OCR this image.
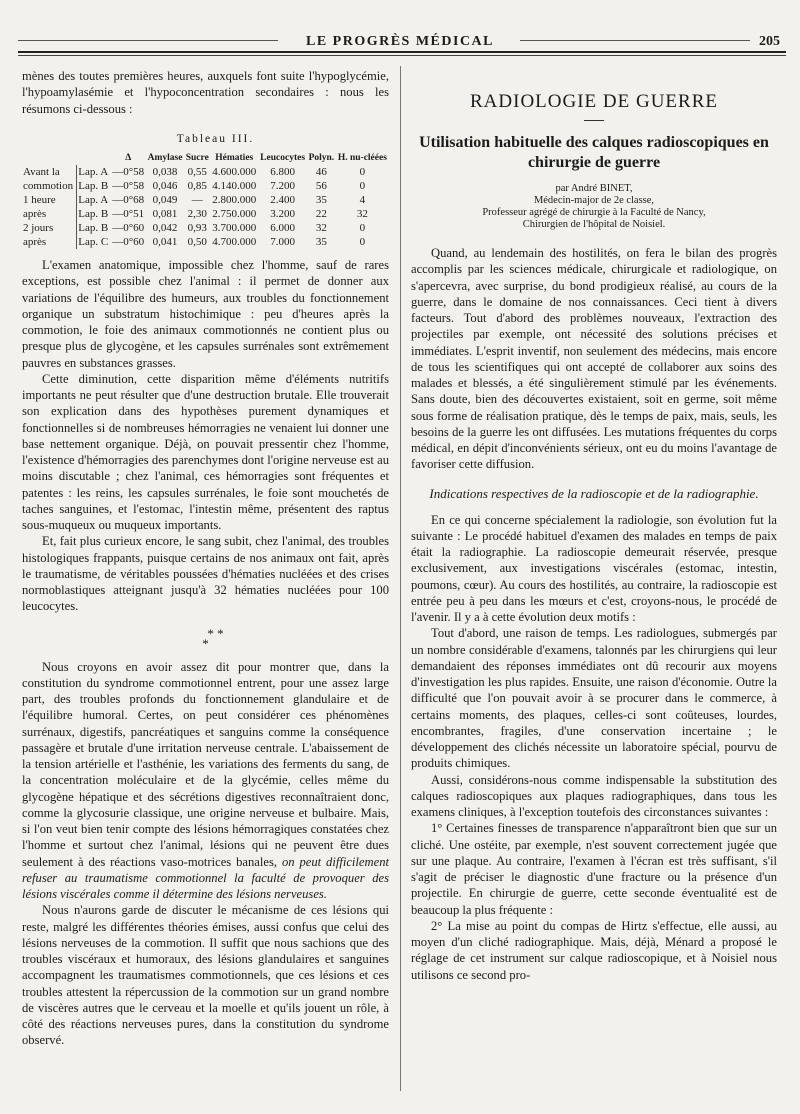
LE PROGRÈS MÉDICAL	205

mènes des toutes premières heures, auxquels font suite l'hypoglycémie, l'hypoamylasémie et l'hypoconcentration secondaires : nous les résumons ci-dessous :

Tableau III.

		Δ	Amylase	Sucre	Hématies	Leucocytes	Polyn.	H. nu-cléées
Avant la	Lap. A	—0°58	0,038	0,55	4.600.000	6.800	46	0
commotion	Lap. B	—0°58	0,046	0,85	4.140.000	7.200	56	0
1 heure	Lap. A	—0°68	0,049	—	2.800.000	2.400	35	4
après	Lap. B	—0°51	0,081	2,30	2.750.000	3.200	22	32
2 jours	Lap. B	—0°60	0,042	0,93	3.700.000	6.000	32	0
après	Lap. C	—0°60	0,041	0,50	4.700.000	7.000	35	0

L'examen anatomique, impossible chez l'homme, sauf de rares exceptions, est possible chez l'animal : il permet de donner aux variations de l'équilibre des humeurs, aux troubles du fonctionnement organique un substratum histochimique : peu d'heures après la commotion, le foie des animaux commotionnés ne contient plus ou presque plus de glycogène, et les capsules surrénales sont extrêmement pauvres en substances grasses.

Cette diminution, cette disparition même d'éléments nutritifs importants ne peut résulter que d'une destruction brutale. Elle trouverait son explication dans des hypothèses purement dynamiques et fonctionnelles si de nombreuses hémorragies ne venaient lui donner une base nettement organique. Déjà, on pouvait pressentir chez l'homme, l'existence d'hémorragies des parenchymes dont l'origine nerveuse est au moins discutable ; chez l'animal, ces hémorragies sont fréquentes et patentes : les reins, les capsules surrénales, le foie sont mouchetés de taches sanguines, et l'estomac, l'intestin même, présentent des raptus sous-muqueux ou muqueux importants.

Et, fait plus curieux encore, le sang subit, chez l'animal, des troubles histologiques frappants, puisque certains de nos animaux ont fait, après le traumatisme, de véritables poussées d'hématies nucléées et des crises normoblastiques atteignant jusqu'à 32 hématies nucléées pour 100 leucocytes.

* *
*

Nous croyons en avoir assez dit pour montrer que, dans la constitution du syndrome commotionnel entrent, pour une assez large part, des troubles profonds du fonctionnement glandulaire et de l'équilibre humoral. Certes, on peut considérer ces phénomènes surrénaux, digestifs, pancréatiques et sanguins comme la conséquence passagère et brutale d'une irritation nerveuse centrale. L'abaissement de la tension artérielle et l'asthénie, les variations des ferments du sang, de la concentration moléculaire et de la glycémie, celles même du glycogène hépatique et des sécrétions digestives reconnaîtraient donc, comme la glycosurie classique, une origine nerveuse et bulbaire. Mais, si l'on veut bien tenir compte des lésions hémorragiques constatées chez l'homme et surtout chez l'animal, lésions qui ne peuvent être dues seulement à des réactions vaso-motrices banales, on peut difficilement refuser au traumatisme commotionnel la faculté de provoquer des lésions viscérales comme il détermine des lésions nerveuses.

Nous n'aurons garde de discuter le mécanisme de ces lésions qui reste, malgré les différentes théories émises, aussi confus que celui des lésions nerveuses de la commotion. Il suffit que nous sachions que des troubles viscéraux et humoraux, des lésions glandulaires et sanguines accompagnent les traumatismes commotionnels, que ces lésions et ces troubles attestent la répercussion de la commotion sur un grand nombre de viscères autres que le cerveau et la moelle et qu'ils jouent un rôle, à côté des réactions nerveuses pures, dans la constitution du syndrome observé.

RADIOLOGIE DE GUERRE

Utilisation habituelle des calques radioscopiques en chirurgie de guerre

par André BINET,

Médecin-major de 2e classe,

Professeur agrégé de chirurgie à la Faculté de Nancy,

Chirurgien de l'hôpital de Noisiel.

Quand, au lendemain des hostilités, on fera le bilan des progrès accomplis par les sciences médicale, chirurgicale et radiologique, on s'apercevra, avec surprise, du bond prodigieux réalisé, au cours de la guerre, dans le domaine de nos connaissances. Ceci tient à divers facteurs. Tout d'abord des problèmes nouveaux, l'extraction des projectiles par exemple, ont nécessité des solutions précises et immédiates. L'esprit inventif, non seulement des médecins, mais encore de tous les scientifiques qui ont accepté de collaborer aux soins des malades et blessés, a été singulièrement stimulé par les événements. Sans doute, bien des découvertes existaient, soit en germe, soit même sous forme de réalisation pratique, dès le temps de paix, mais, seuls, les besoins de la guerre les ont diffusées. Les mutations fréquentes du corps médical, en dépit d'inconvénients sérieux, ont eu du moins l'avantage de favoriser cette diffusion.

Indications respectives de la radioscopie et de la radiographie.

En ce qui concerne spécialement la radiologie, son évolution fut la suivante : Le procédé habituel d'examen des malades en temps de paix était la radiographie. La radioscopie demeurait réservée, presque exclusivement, aux investigations viscérales (estomac, intestin, poumons, cœur). Au cours des hostilités, au contraire, la radioscopie est entrée peu à peu dans les mœurs et c'est, croyons-nous, le procédé de l'avenir. Il y a à cette évolution deux motifs :

Tout d'abord, une raison de temps. Les radiologues, submergés par un nombre considérable d'examens, talonnés par les chirurgiens qui leur demandaient des réponses immédiates ont dû recourir aux moyens d'investigation les plus rapides. Ensuite, une raison d'économie. Outre la difficulté que l'on pouvait avoir à se procurer dans le commerce, à certains moments, des plaques, celles-ci sont coûteuses, lourdes, encombrantes, fragiles, d'une conservation incertaine ; le développement des clichés nécessite un laboratoire spécial, pourvu de produits chimiques.

Aussi, considérons-nous comme indispensable la substitution des calques radioscopiques aux plaques radiographiques, dans tous les examens cliniques, à l'exception toutefois des circonstances suivantes :

1° Certaines finesses de transparence n'apparaîtront bien que sur un cliché. Une ostéite, par exemple, n'est souvent correctement jugée que sur une plaque. Au contraire, l'examen à l'écran est très suffisant, s'il s'agit de préciser le diagnostic d'une fracture ou la présence d'un projectile. En chirurgie de guerre, cette seconde éventualité est de beaucoup la plus fréquente :

2° La mise au point du compas de Hirtz s'effectue, elle aussi, au moyen d'un cliché radiographique. Mais, déjà, Ménard a proposé le réglage de cet instrument sur calque radioscopique, et à Noisiel nous utilisons ce second pro-
